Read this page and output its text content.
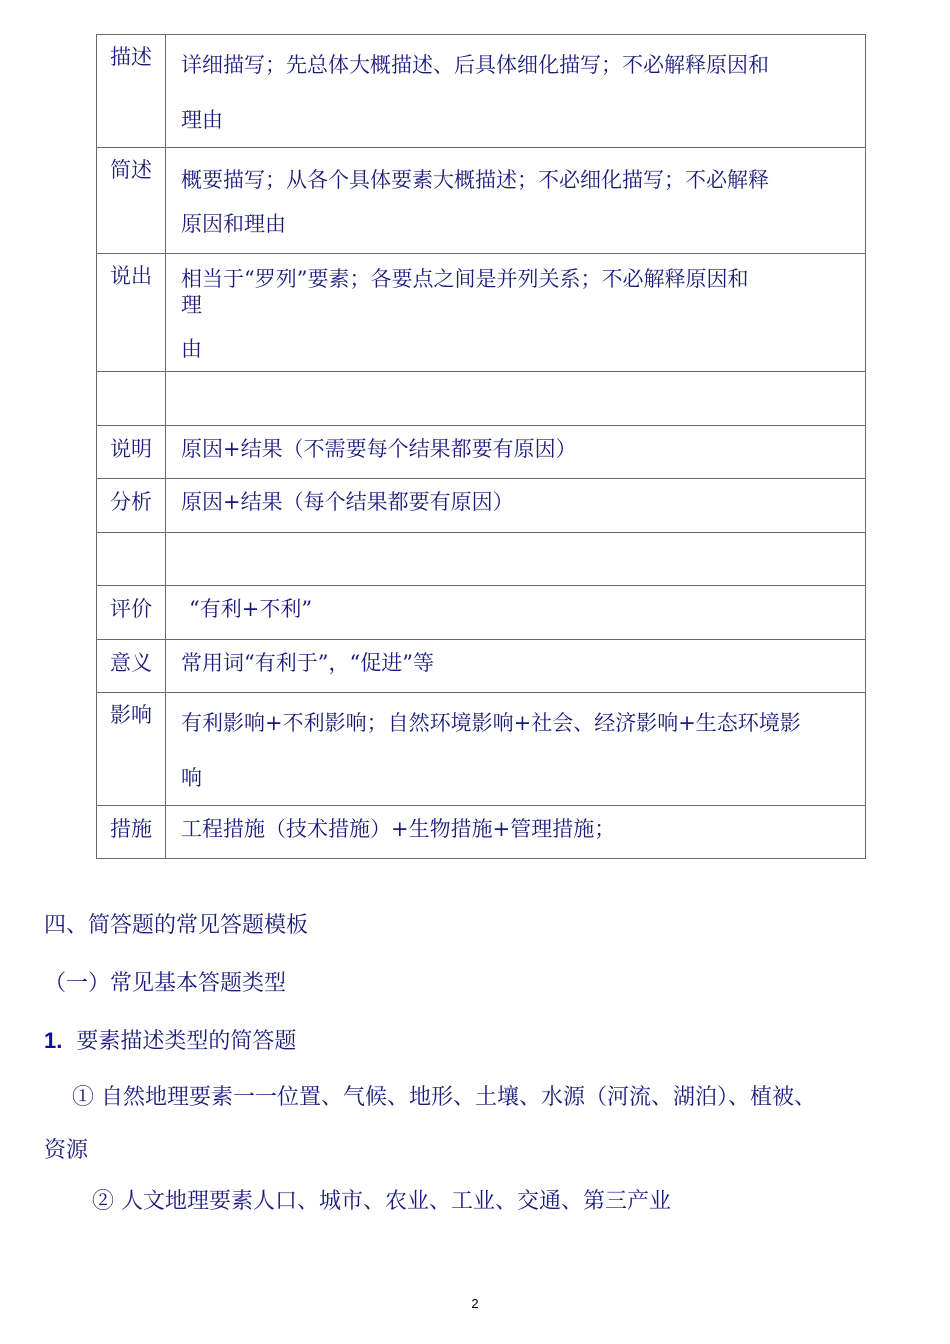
描述	详细描写；先总体大概描述、后具体细化描写；不必解释原因和
理由

简述	概要描写；从各个具体要素大概描述；不必细化描写；不必解释
原因和理由

说出	相当于“罗列”要素；各要点之间是并列关系；不必解释原因和
理
由

说明	原因+结果（不需要每个结果都要有原因）

分析	原因+结果（每个结果都要有原因）

评价	“有利+不利”

意义	常用词“有利于”，“促进”等

影响	有利影响+不利影响；自然环境影响+社会、经济影响+生态环境影
响

措施	工程措施（技术措施）+生物措施+管理措施；
四、简答题的常见答题模板
（一）常见基本答题类型
1. 要素描述类型的简答题
① 自然地理要素一一位置、气候、地形、土壤、水源（河流、湖泊）、植被、
资源
② 人文地理要素人口、城市、农业、工业、交通、第三产业
2
